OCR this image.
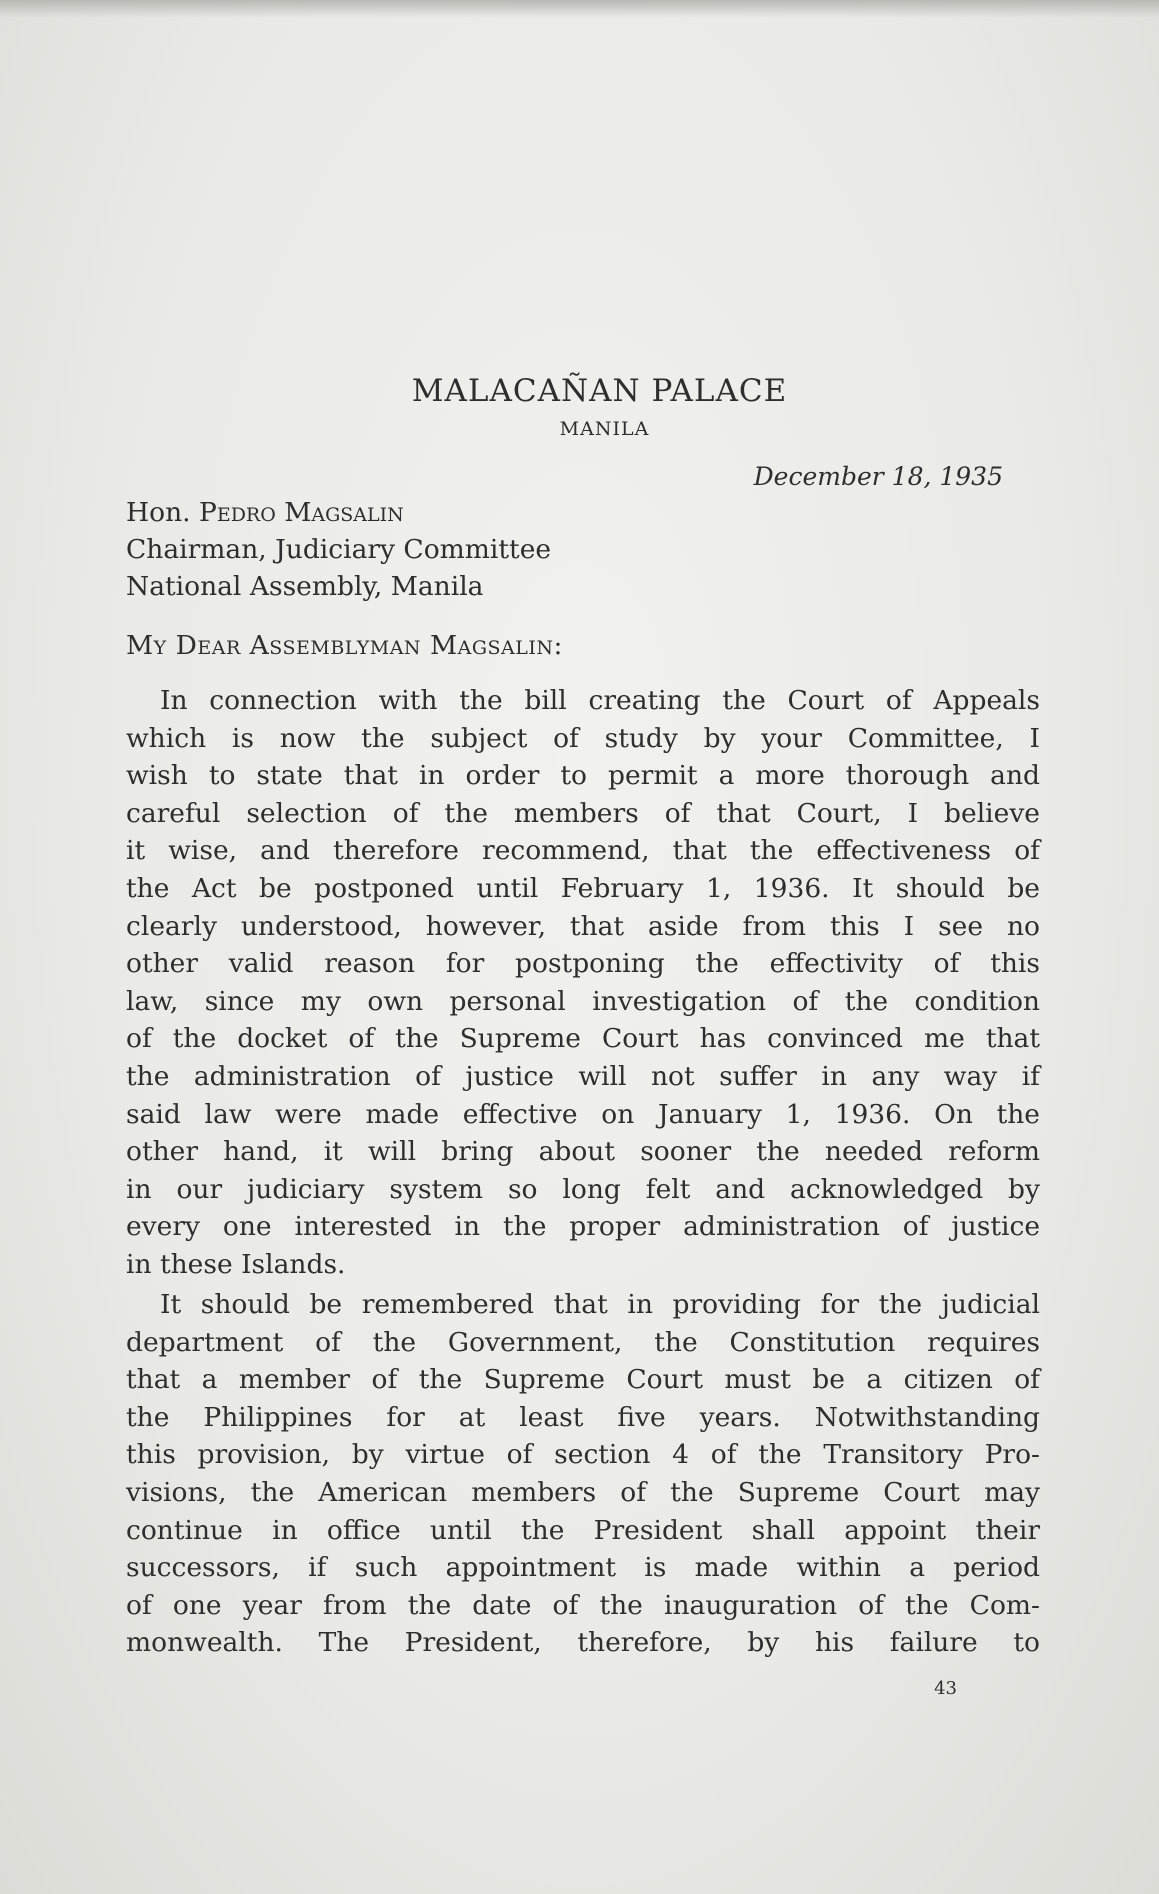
MALACAÑAN PALACE
MANILA
December 18, 1935
Hon. Pedro Magsalin
Chairman, Judiciary Committee
National Assembly, Manila
My Dear Assemblyman Magsalin:
In connection with the bill creating the Court of Appeals
which is now the subject of study by your Committee, I
wish to state that in order to permit a more thorough and
careful selection of the members of that Court, I believe
it wise, and therefore recommend, that the effectiveness of
the Act be postponed until February 1, 1936. It should be
clearly understood, however, that aside from this I see no
other valid reason for postponing the effectivity of this
law, since my own personal investigation of the condition
of the docket of the Supreme Court has convinced me that
the administration of justice will not suffer in any way if
said law were made effective on January 1, 1936. On the
other hand, it will bring about sooner the needed reform
in our judiciary system so long felt and acknowledged by
every one interested in the proper administration of justice
in these Islands.
It should be remembered that in providing for the judicial
department of the Government, the Constitution requires
that a member of the Supreme Court must be a citizen of
the Philippines for at least five years. Notwithstanding
this provision, by virtue of section 4 of the Transitory Pro-
visions, the American members of the Supreme Court may
continue in office until the President shall appoint their
successors, if such appointment is made within a period
of one year from the date of the inauguration of the Com-
monwealth. The President, therefore, by his failure to
43
